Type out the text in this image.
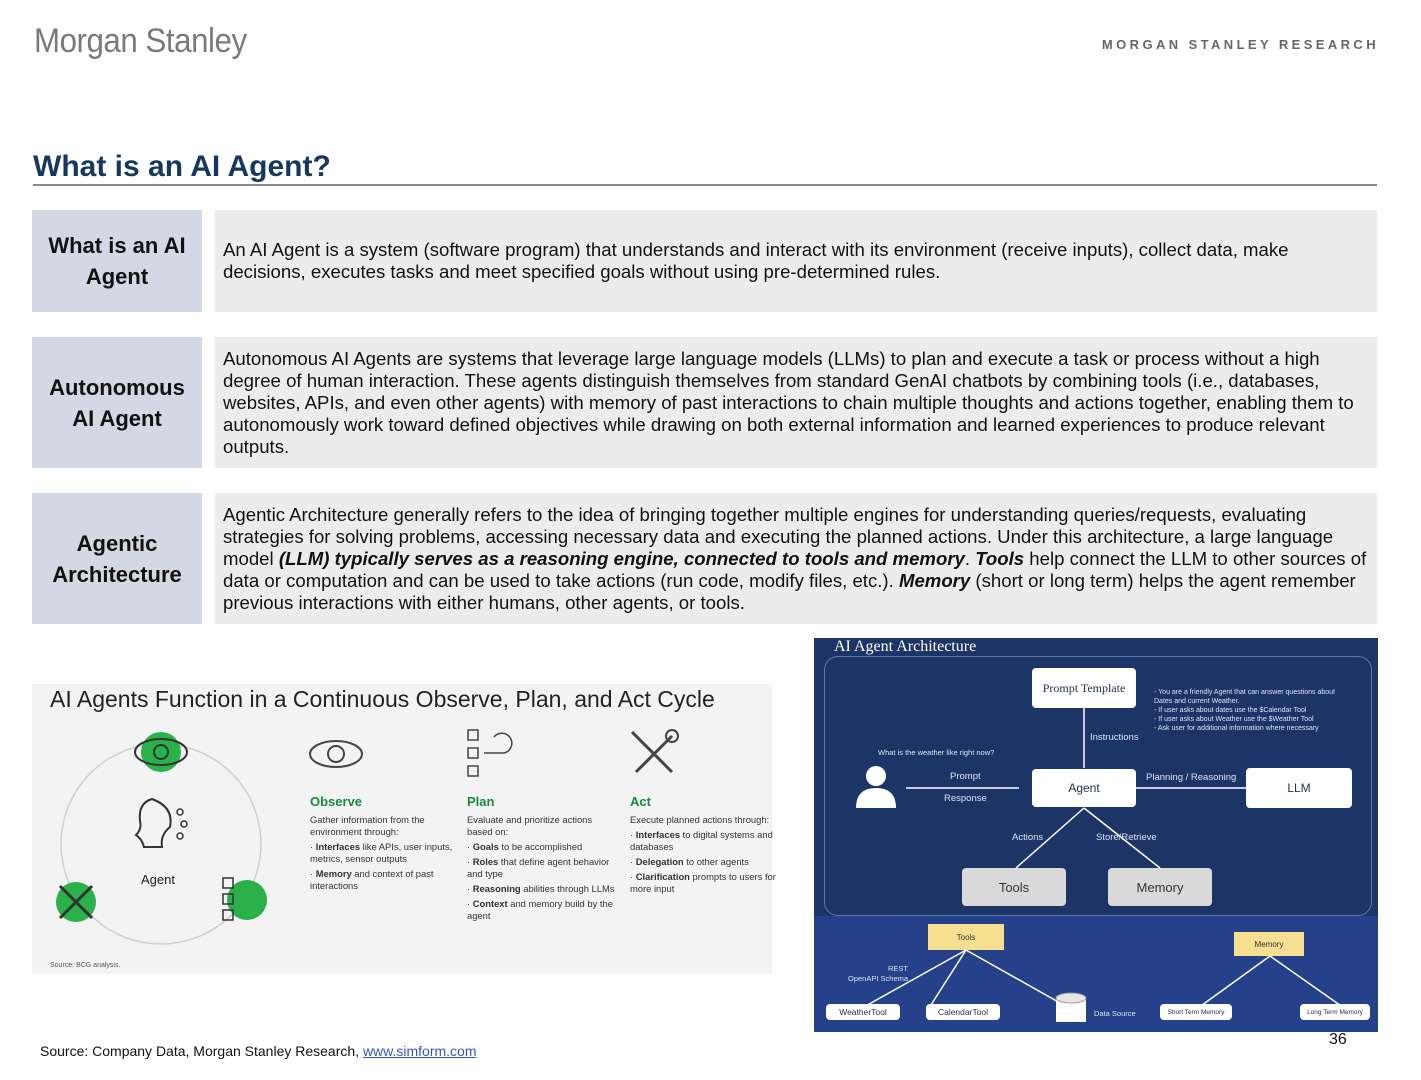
Morgan Stanley	MORGAN STANLEY RESEARCH
What is an AI Agent?
What is an AI Agent

An AI Agent is a system (software program) that understands and interact with its environment (receive inputs), collect data, make decisions, executes tasks and meet specified goals without using pre-determined rules.

Autonomous AI Agent

Autonomous AI Agents are systems that leverage large language models (LLMs) to plan and execute a task or process without a high degree of human interaction. These agents distinguish themselves from standard GenAI chatbots by combining tools (i.e., databases, websites, APIs, and even other agents) with memory of past interactions to chain multiple thoughts and actions together, enabling them to autonomously work toward defined objectives while drawing on both external information and learned experiences to produce relevant outputs.

Agentic Architecture

Agentic Architecture generally refers to the idea of bringing together multiple engines for understanding queries/requests, evaluating strategies for solving problems, accessing necessary data and executing the planned actions. Under this architecture, a large language model (LLM) typically serves as a reasoning engine, connected to tools and memory. Tools help connect the LLM to other sources of data or computation and can be used to take actions (run code, modify files, etc.). Memory (short or long term) helps the agent remember previous interactions with either humans, other agents, or tools.

AI Agents Function in a Continuous Observe, Plan, and Act Cycle
Agent
Observe
Gather information from the environment through:
· Interfaces like APIs, user inputs, metrics, sensor outputs
· Memory and context of past interactions
Plan
Evaluate and prioritize actions based on:
· Goals to be accomplished
· Roles that define agent behavior and type
· Reasoning abilities through LLMs
· Context and memory build by the agent
Act
Execute planned actions through:
· Interfaces to digital systems and databases
· Delegation to other agents
· Clarification prompts to users for more input
Source: BCG analysis.
AI Agent Architecture
Prompt Template	- You are a friendly Agent that can answer questions about
Dates and current Weather.
- If user asks about dates use the $Calendar Tool
- If user asks about Weather use the $Weather Tool
- Ask user for additional information where necessary
Instructions
What is the weather like right now?
Prompt
Response
Agent
Planning / Reasoning
LLM
Actions	Store/Retrieve
Tools	Memory
Tools
Memory
REST
OpenAPI Schema
WeatherTool	CalendarTool	Data Source	Short Term Memory	Long Term Memory
Source: Company Data, Morgan Stanley Research, www.simform.com
36
